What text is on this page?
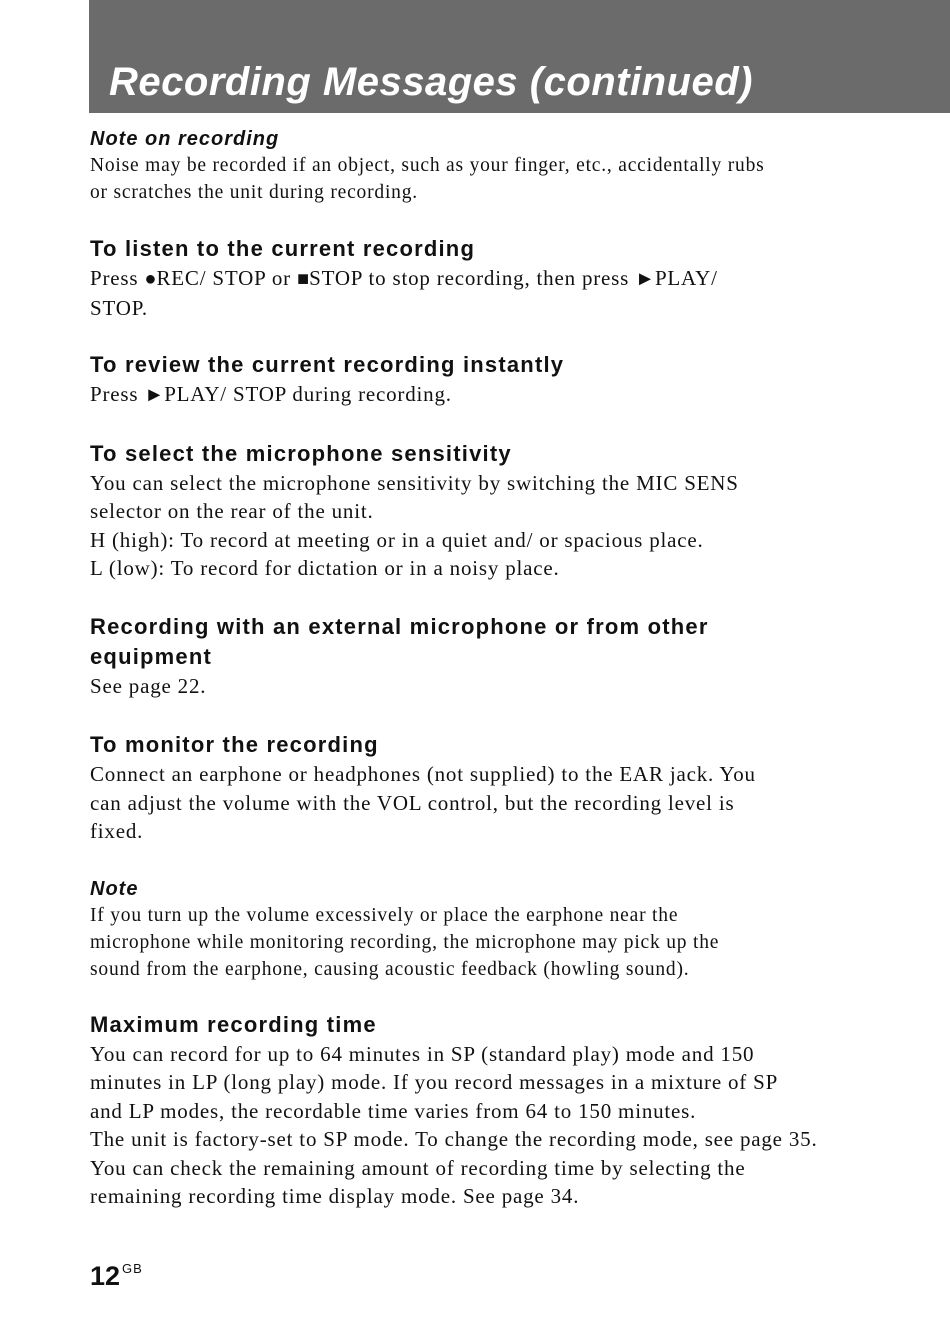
Recording Messages (continued)
Note on recording

Noise may be recorded if an object, such as your finger, etc., accidentally rubs

or scratches the unit during recording.

To listen to the current recording

Press ●REC/ STOP or ■STOP to stop recording, then press ►PLAY/

STOP.

To review the current recording instantly

Press ►PLAY/ STOP during recording.

To select the microphone sensitivity

You can select the microphone sensitivity by switching the MIC SENS

selector on the rear of the unit.

H (high): To record at meeting or in a quiet and/ or spacious place.

L (low): To record for dictation or in a noisy place.

Recording with an external microphone or from other
equipment

See page 22.

To monitor the recording

Connect an earphone or headphones (not supplied) to the EAR jack. You

can adjust the volume with the VOL control, but the recording level is

fixed.

Note

If you turn up the volume excessively or place the earphone near the

microphone while monitoring recording, the microphone may pick up the

sound from the earphone, causing acoustic feedback (howling sound).

Maximum recording time

You can record for up to 64 minutes in SP (standard play) mode and 150

minutes in LP (long play) mode. If you record messages in a mixture of SP

and LP modes, the recordable time varies from 64 to 150 minutes.

The unit is factory-set to SP mode. To change the recording mode, see page 35.

You can check the remaining amount of recording time by selecting the

remaining recording time display mode. See page 34.

12 $^{GB}$
